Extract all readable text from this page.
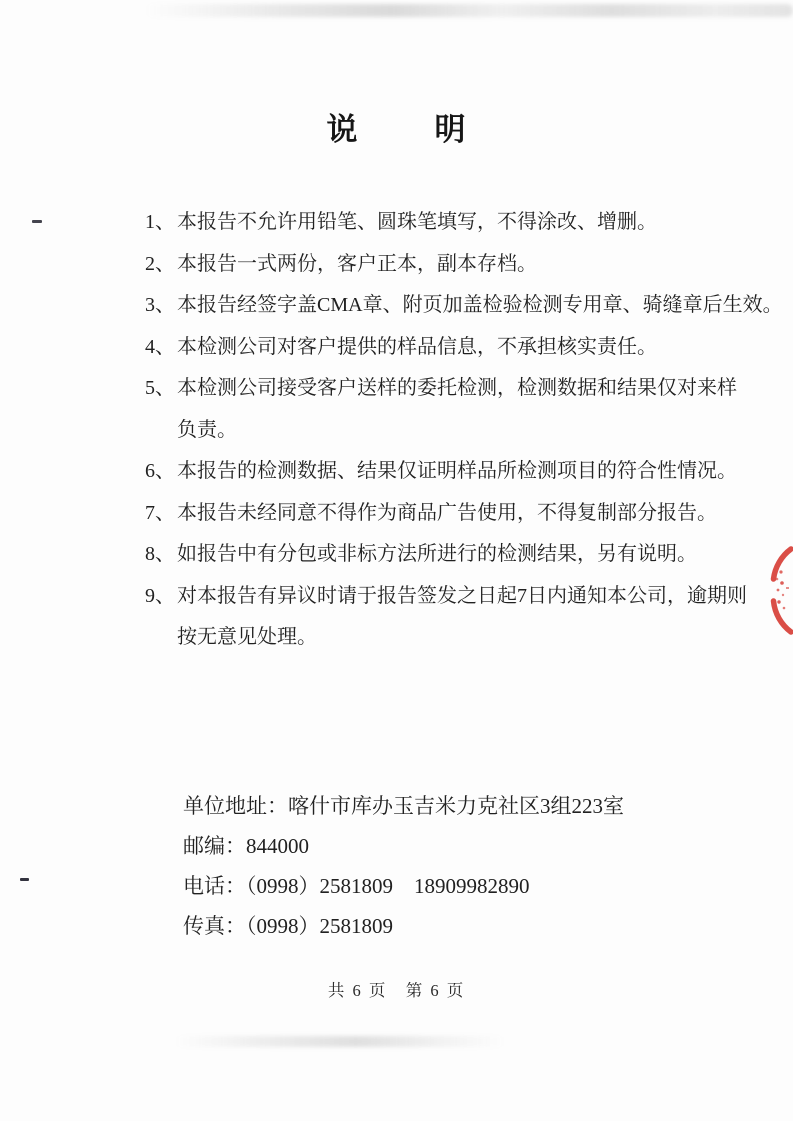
说 明
1、 本报告不允许用铅笔、圆珠笔填写，不得涂改、增删。
2、 本报告一式两份，客户正本，副本存档。
3、 本报告经签字盖CMA章、附页加盖检验检测专用章、骑缝章后生效。
4、 本检测公司对客户提供的样品信息，不承担核实责任。
5、 本检测公司接受客户送样的委托检测，检测数据和结果仅对来样
负责。
6、 本报告的检测数据、结果仅证明样品所检测项目的符合性情况。
7、 本报告未经同意不得作为商品广告使用，不得复制部分报告。
8、 如报告中有分包或非标方法所进行的检测结果，另有说明。
9、 对本报告有异议时请于报告签发之日起7日内通知本公司，逾期则
按无意见处理。
单位地址：喀什市库办玉吉米力克社区3组223室
邮编：844000
电话：（0998）2581809    18909982890
传真：（0998）2581809
共 6 页   第 6 页
